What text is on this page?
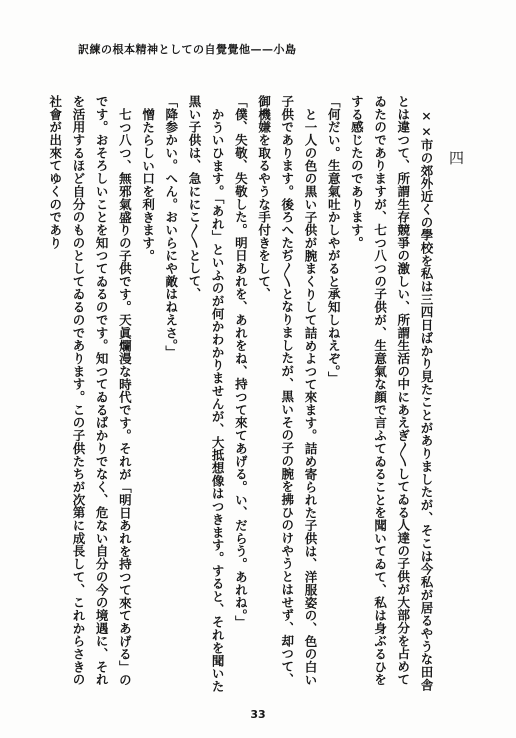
訳練の根本精神としての自覺覺他——小島
四

××市の郊外近くの學校を私は三四日ばかり見たことがありましたが、そこは今私が居るやうな田舎とは違つて、所謂生存競爭の激しい、所謂生活の中にあえぎ〳〵してゐる人達の子供が大部分を占めてゐたのでありますが、七つ八つの子供が、生意氣な顔で言ふてゐることを聞いてゐて、私は身ぶるひをする感じたのであります。

「何だい。生意氣吐かしやがると承知しねえぞ。」

と一人の色の黒い子供が腕まくりして詰めよつて來ます。詰め寄られた子供は、洋服姿の、色の白い子供であります。後ろへたぢ〳〵となりましたが、黒いその子の腕を拂ひのけやうとはせず、却つて、御機嫌を取るやうな手付きをして、

「僕、失敬、失敬した。明日あれを、あれをね、持つて來てあげる。い、だらう。あれね。」

かういひます。「あれ」といふのが何かわかりませんが、大抵想像はつきます。すると、それを聞いた黒い子供は、急ににこ〳〵として、

「降参かい。へん。おいらにや敵はねえさ。」

憎たらしい口を利きます。

七つ八つ、無邪氣盛りの子供です。天眞爛漫な時代です。それが「明日あれを持つて來てあげる」のです。おそろしいことを知つてゐるのです。知つてゐるばかりでなく、危ない自分の今の境遇に、それを活用するほど自分のものとしてゐるのであります。この子供たちが次第に成長して、これからさきの社會が出來てゆくのであり

33
